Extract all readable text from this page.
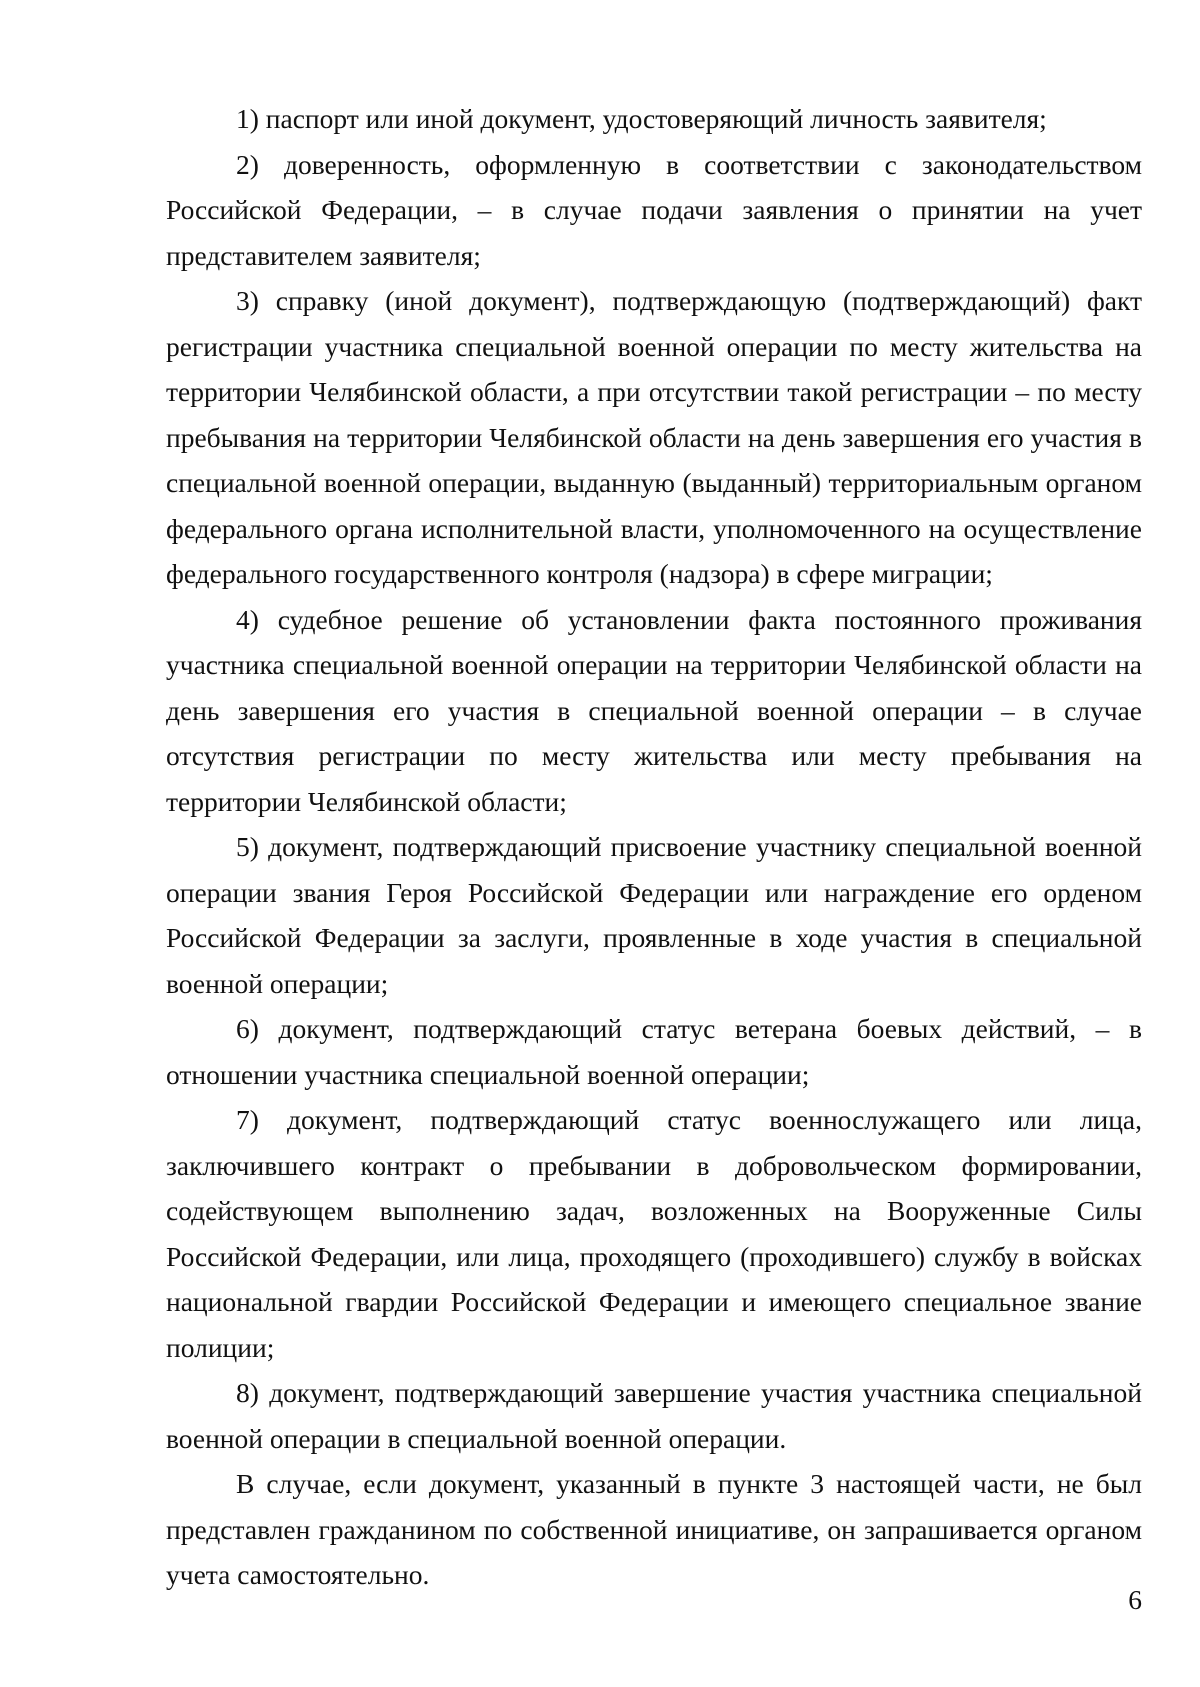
1) паспорт или иной документ, удостоверяющий личность заявителя;

2) доверенность, оформленную в соответствии с законодательством Российской Федерации, – в случае подачи заявления о принятии на учет представителем заявителя;

3) справку (иной документ), подтверждающую (подтверждающий) факт регистрации участника специальной военной операции по месту жительства на территории Челябинской области, а при отсутствии такой регистрации – по месту пребывания на территории Челябинской области на день завершения его участия в специальной военной операции, выданную (выданный) территориальным органом федерального органа исполнительной власти, уполномоченного на осуществление федерального государственного контроля (надзора) в сфере миграции;

4) судебное решение об установлении факта постоянного проживания участника специальной военной операции на территории Челябинской области на день завершения его участия в специальной военной операции – в случае отсутствия регистрации по месту жительства или месту пребывания на территории Челябинской области;

5) документ, подтверждающий присвоение участнику специальной военной операции звания Героя Российской Федерации или награждение его орденом Российской Федерации за заслуги, проявленные в ходе участия в специальной военной операции;

6) документ, подтверждающий статус ветерана боевых действий, – в отношении участника специальной военной операции;

7) документ, подтверждающий статус военнослужащего или лица, заключившего контракт о пребывании в добровольческом формировании, содействующем выполнению задач, возложенных на Вооруженные Силы Российской Федерации, или лица, проходящего (проходившего) службу в войсках национальной гвардии Российской Федерации и имеющего специальное звание полиции;

8) документ, подтверждающий завершение участия участника специальной военной операции в специальной военной операции.

В случае, если документ, указанный в пункте 3 настоящей части, не был представлен гражданином по собственной инициативе, он запрашивается органом учета самостоятельно.

6
